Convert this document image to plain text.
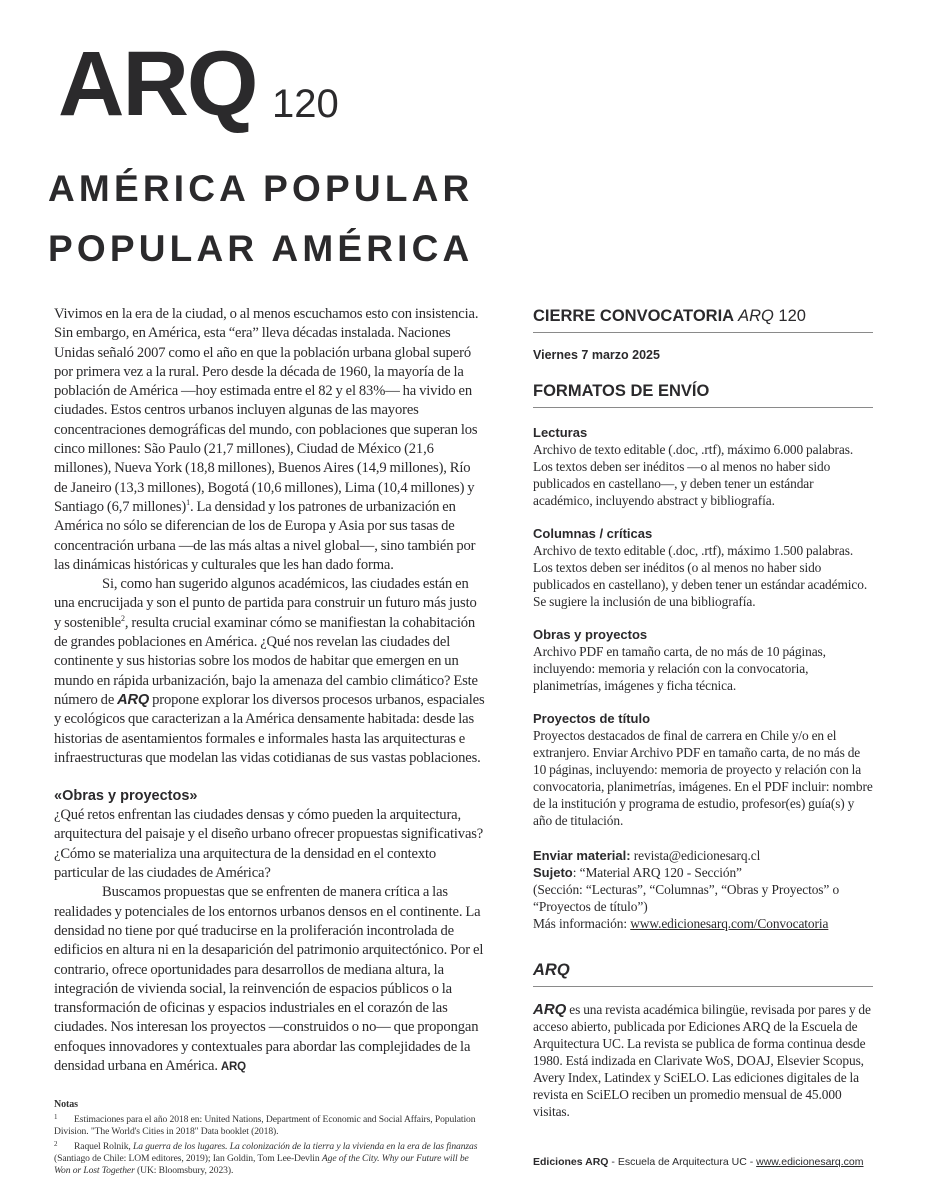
ARQ 120
AMÉRICA POPULAR
POPULAR AMÉRICA

Vivimos en la era de la ciudad, o al menos escuchamos esto con insistencia. Sin embargo, en América, esta “era” lleva décadas instalada. Naciones Unidas señaló 2007 como el año en que la población urbana global superó por primera vez a la rural. Pero desde la década de 1960, la mayoría de la población de América —hoy estimada entre el 82 y el 83%— ha vivido en ciudades. Estos centros urbanos incluyen algunas de las mayores concentraciones demográficas del mundo, con poblaciones que superan los cinco millones: São Paulo (21,7 millones), Ciudad de México (21,6 millones), Nueva York (18,8 millones), Buenos Aires (14,9 millones), Río de Janeiro (13,3 millones), Bogotá (10,6 millones), Lima (10,4 millones) y Santiago (6,7 millones)$^1$. La densidad y los patrones de urbanización en América no sólo se diferencian de los de Europa y Asia por sus tasas de concentración urbana —de las más altas a nivel global—, sino también por las dinámicas históricas y culturales que les han dado forma.

Si, como han sugerido algunos académicos, las ciudades están en una encrucijada y son el punto de partida para construir un futuro más justo y sostenible$^2$, resulta crucial examinar cómo se manifiestan la cohabitación de grandes poblaciones en América. ¿Qué nos revelan las ciudades del continente y sus historias sobre los modos de habitar que emergen en un mundo en rápida urbanización, bajo la amenaza del cambio climático? Este número de ARQ propone explorar los diversos procesos urbanos, espaciales y ecológicos que caracterizan a la América densamente habitada: desde las historias de asentamientos formales e informales hasta las arquitecturas e infraestructuras que modelan las vidas cotidianas de sus vastas poblaciones.

«Obras y proyectos»

¿Qué retos enfrentan las ciudades densas y cómo pueden la arquitectura, arquitectura del paisaje y el diseño urbano ofrecer propuestas significativas? ¿Cómo se materializa una arquitectura de la densidad en el contexto particular de las ciudades de América?

Buscamos propuestas que se enfrenten de manera crítica a las realidades y potenciales de los entornos urbanos densos en el continente. La densidad no tiene por qué traducirse en la proliferación incontrolada de edificios en altura ni en la desaparición del patrimonio arquitectónico. Por el contrario, ofrece oportunidades para desarrollos de mediana altura, la integración de vivienda social, la reinvención de espacios públicos o la transformación de oficinas y espacios industriales en el corazón de las ciudades. Nos interesan los proyectos —construidos o no— que propongan enfoques innovadores y contextuales para abordar las complejidades de la densidad urbana en América. ARQ

Notas
1 Estimaciones para el año 2018 en: United Nations, Department of Economic and Social Affairs, Population Division. "The World's Cities in 2018" Data booklet (2018).
2 Raquel Rolnik, La guerra de los lugares. La colonización de la tierra y la vivienda en la era de las finanzas (Santiago de Chile: LOM editores, 2019); Ian Goldin, Tom Lee-Devlin Age of the City. Why our Future will be Won or Lost Together (UK: Bloomsbury, 2023).
CIERRE CONVOCATORIA ARQ 120
Viernes 7 marzo 2025
FORMATOS DE ENVÍO
Lecturas
Archivo de texto editable (.doc, .rtf), máximo 6.000 palabras. Los textos deben ser inéditos —o al menos no haber sido publicados en castellano—, y deben tener un estándar académico, incluyendo abstract y bibliografía.
Columnas / críticas
Archivo de texto editable (.doc, .rtf), máximo 1.500 palabras. Los textos deben ser inéditos (o al menos no haber sido publicados en castellano), y deben tener un estándar académico. Se sugiere la inclusión de una bibliografía.
Obras y proyectos
Archivo PDF en tamaño carta, de no más de 10 páginas, incluyendo: memoria y relación con la convocatoria, planimetrías, imágenes y ficha técnica.
Proyectos de título
Proyectos destacados de final de carrera en Chile y/o en el extranjero. Enviar Archivo PDF en tamaño carta, de no más de 10 páginas, incluyendo: memoria de proyecto y relación con la convocatoria, planimetrías, imágenes. En el PDF incluir: nombre de la institución y programa de estudio, profesor(es) guía(s) y año de titulación.
Enviar material: revista@edicionesarq.cl
Sujeto: “Material ARQ 120 - Sección”
(Sección: “Lecturas”, “Columnas”, “Obras y Proyectos” o “Proyectos de título”)
Más información: www.edicionesarq.com/Convocatoria
ARQ
ARQ es una revista académica bilingüe, revisada por pares y de acceso abierto, publicada por Ediciones ARQ de la Escuela de Arquitectura UC. La revista se publica de forma continua desde 1980. Está indizada en Clarivate WoS, DOAJ, Elsevier Scopus, Avery Index, Latindex y SciELO. Las ediciones digitales de la revista en SciELO reciben un promedio mensual de 45.000 visitas.
Ediciones ARQ - Escuela de Arquitectura UC - www.edicionesarq.com
